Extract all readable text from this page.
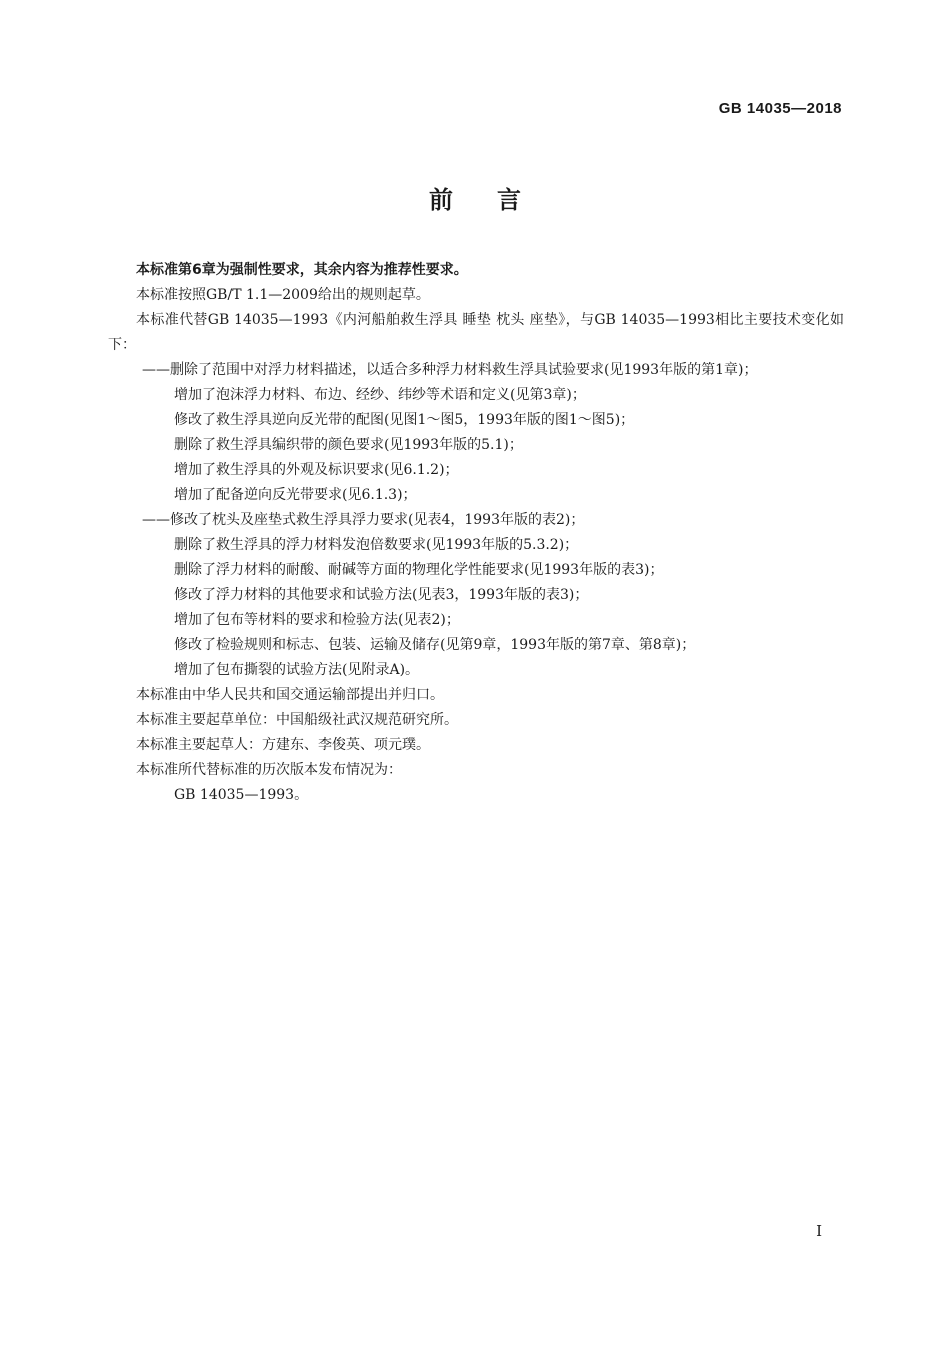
GB 14035—2018
前言

本标准第6章为强制性要求，其余内容为推荐性要求。

本标准按照GB/T 1.1—2009给出的规则起草。

本标准代替GB 14035—1993《内河船舶救生浮具 睡垫 枕头 座垫》，与GB 14035—1993相比主要技术变化如下：

——删除了范围中对浮力材料描述，以适合多种浮力材料救生浮具试验要求(见1993年版的第1章)；

增加了泡沫浮力材料、布边、经纱、纬纱等术语和定义(见第3章)；

修改了救生浮具逆向反光带的配图(见图1～图5，1993年版的图1～图5)；

删除了救生浮具编织带的颜色要求(见1993年版的5.1)；

增加了救生浮具的外观及标识要求(见6.1.2)；

增加了配备逆向反光带要求(见6.1.3)；

——修改了枕头及座垫式救生浮具浮力要求(见表4，1993年版的表2)；

删除了救生浮具的浮力材料发泡倍数要求(见1993年版的5.3.2)；

删除了浮力材料的耐酸、耐碱等方面的物理化学性能要求(见1993年版的表3)；

修改了浮力材料的其他要求和试验方法(见表3，1993年版的表3)；

增加了包布等材料的要求和检验方法(见表2)；

修改了检验规则和标志、包装、运输及储存(见第9章，1993年版的第7章、第8章)；

增加了包布撕裂的试验方法(见附录A)。

本标准由中华人民共和国交通运输部提出并归口。

本标准主要起草单位：中国船级社武汉规范研究所。

本标准主要起草人：方建东、李俊英、项元璞。

本标准所代替标准的历次版本发布情况为：

GB 14035—1993。

I
